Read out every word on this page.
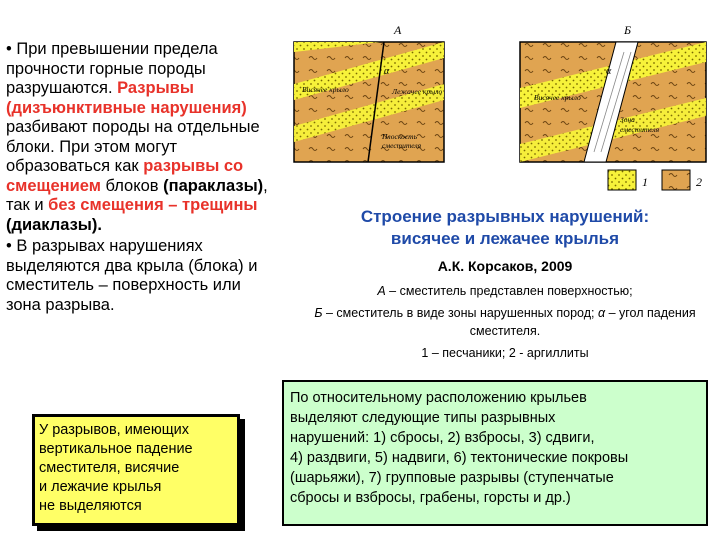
• При превышении предела прочности горные породы разрушаются. Разрывы (дизъюнктивные нарушения) разбивают породы на отдельные блоки. При этом могут образоваться как разрывы со смещением блоков (параклазы), так и без смещения – трещины (диаклазы).

• В разрывах нарушениях выделяются два крыла (блока) и сместитель – поверхность или зона разрыва.

У разрывов, имеющих
вертикальное падение
сместителя, висячие
и лежачие крылья
не выделяются
А
α
Висячее крыло	Лежачее крыло
Плоскость
сместителя
Б
α
Висячее крыло
Зона
сместителя
1	2
Строение разрывных нарушений:
висячее и лежачее крылья
А.К. Корсаков, 2009

А – сместитель представлен поверхностью;

Б – сместитель в виде зоны нарушенных пород; α – угол падения сместителя.

1 – песчаники; 2 - аргиллиты

По относительному расположению крыльев
выделяют следующие типы разрывных
нарушений: 1) сбросы, 2) взбросы, 3) сдвиги,
4) раздвиги, 5) надвиги, 6) тектонические покровы
(шарьяжи), 7) групповые разрывы (ступенчатые
сбросы и взбросы, грабены, горсты и др.)
